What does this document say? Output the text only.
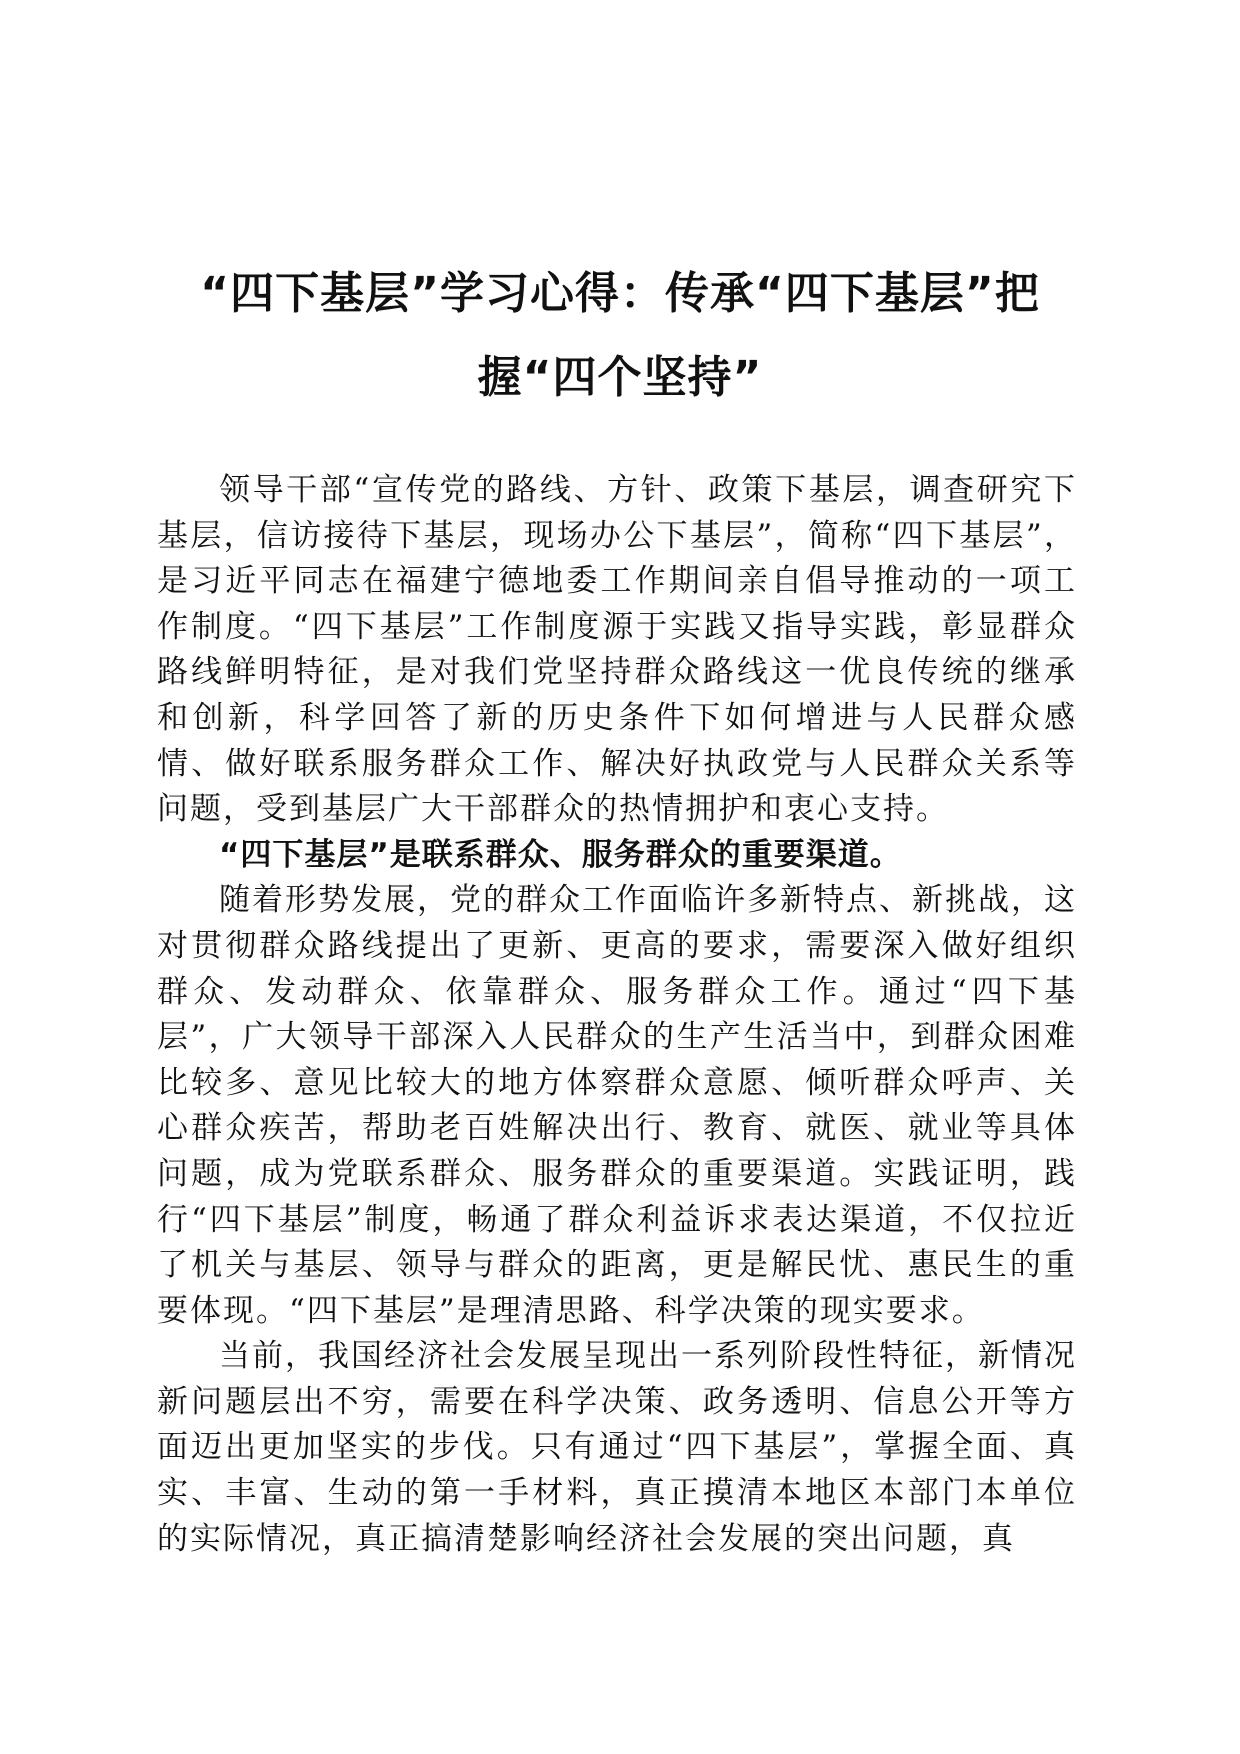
“四下基层”学习心得：传承“四下基层”把
握“四个坚持”

领导干部“宣传党的路线、方针、政策下基层，调查研究下基层，信访接待下基层，现场办公下基层”，简称“四下基层”，是习近平同志在福建宁德地委工作期间亲自倡导推动的一项工作制度。“四下基层”工作制度源于实践又指导实践，彰显群众路线鲜明特征，是对我们党坚持群众路线这一优良传统的继承和创新，科学回答了新的历史条件下如何增进与人民群众感情、做好联系服务群众工作、解决好执政党与人民群众关系等问题，受到基层广大干部群众的热情拥护和衷心支持。

“四下基层”是联系群众、服务群众的重要渠道。

随着形势发展，党的群众工作面临许多新特点、新挑战，这对贯彻群众路线提出了更新、更高的要求，需要深入做好组织群众、发动群众、依靠群众、服务群众工作。通过“四下基层”，广大领导干部深入人民群众的生产生活当中，到群众困难比较多、意见比较大的地方体察群众意愿、倾听群众呼声、关心群众疾苦，帮助老百姓解决出行、教育、就医、就业等具体问题，成为党联系群众、服务群众的重要渠道。实践证明，践行“四下基层”制度，畅通了群众利益诉求表达渠道，不仅拉近了机关与基层、领导与群众的距离，更是解民忧、惠民生的重要体现。“四下基层”是理清思路、科学决策的现实要求。

当前，我国经济社会发展呈现出一系列阶段性特征，新情况新问题层出不穷，需要在科学决策、政务透明、信息公开等方面迈出更加坚实的步伐。只有通过“四下基层”，掌握全面、真实、丰富、生动的第一手材料，真正摸清本地区本部门本单位的实际情况，真正搞清楚影响经济社会发展的突出问题，真
